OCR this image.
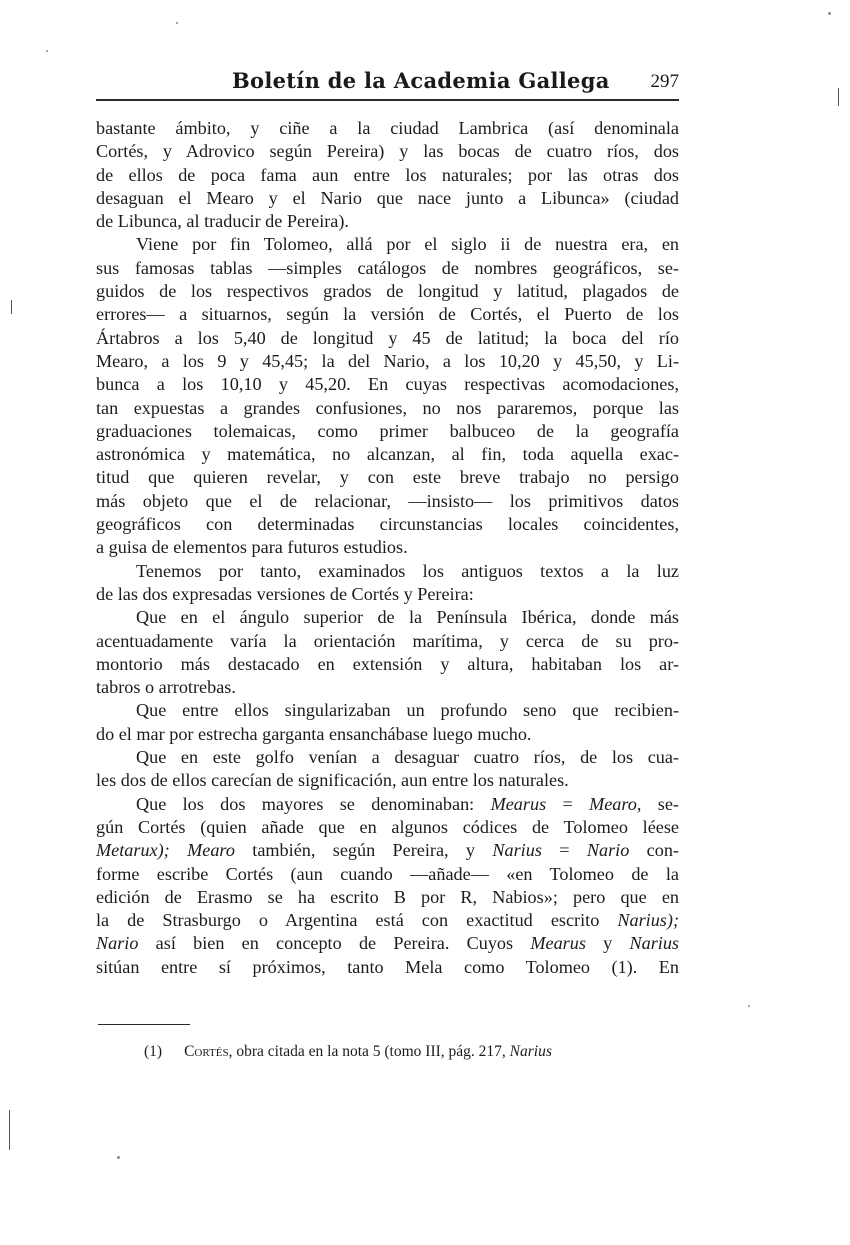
Boletín de la Academia Gallega 297
bastante ámbito, y ciñe a la ciudad Lambrica (así denominala
Cortés, y Adrovico según Pereira) y las bocas de cuatro ríos, dos
de ellos de poca fama aun entre los naturales; por las otras dos
desaguan el Mearo y el Nario que nace junto a Libunca» (ciudad
de Libunca, al traducir de Pereira).
Viene por fin Tolomeo, allá por el siglo ii de nuestra era, en
sus famosas tablas —simples catálogos de nombres geográficos, se-
guidos de los respectivos grados de longitud y latitud, plagados de
errores— a situarnos, según la versión de Cortés, el Puerto de los
Ártabros a los 5,40 de longitud y 45 de latitud; la boca del río
Mearo, a los 9 y 45,45; la del Nario, a los 10,20 y 45,50, y Li-
bunca a los 10,10 y 45,20. En cuyas respectivas acomodaciones,
tan expuestas a grandes confusiones, no nos pararemos, porque las
graduaciones tolemaicas, como primer balbuceo de la geografía
astronómica y matemática, no alcanzan, al fin, toda aquella exac-
titud que quieren revelar, y con este breve trabajo no persigo
más objeto que el de relacionar, —insisto— los primitivos datos
geográficos con determinadas circunstancias locales coincidentes,
a guisa de elementos para futuros estudios.
Tenemos por tanto, examinados los antiguos textos a la luz
de las dos expresadas versiones de Cortés y Pereira:
Que en el ángulo superior de la Península Ibérica, donde más
acentuadamente varía la orientación marítima, y cerca de su pro-
montorio más destacado en extensión y altura, habitaban los ar-
tabros o arrotrebas.
Que entre ellos singularizaban un profundo seno que recibien-
do el mar por estrecha garganta ensanchábase luego mucho.
Que en este golfo venían a desaguar cuatro ríos, de los cua-
les dos de ellos carecían de significación, aun entre los naturales.
Que los dos mayores se denominaban: Mearus = Mearo, se-
gún Cortés (quien añade que en algunos códices de Tolomeo léese
Metarux); Mearo también, según Pereira, y Narius = Nario con-
forme escribe Cortés (aun cuando —añade— «en Tolomeo de la
edición de Erasmo se ha escrito B por R, Nabios»; pero que en
la de Strasburgo o Argentina está con exactitud escrito Narius);
Nario así bien en concepto de Pereira. Cuyos Mearus y Narius
sitúan entre sí próximos, tanto Mela como Tolomeo (1). En
(1) Cortés, obra citada en la nota 5 (tomo III, pág. 217, Narius
